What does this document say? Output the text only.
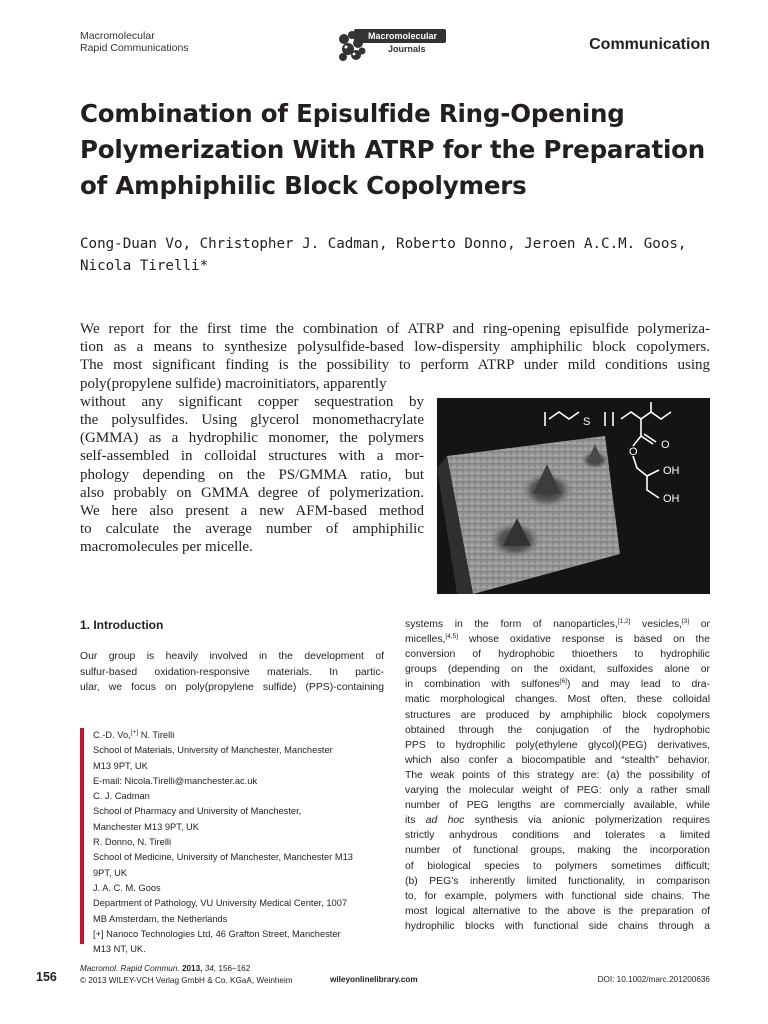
Macromolecular
Rapid Communications
Macromolecular
Journals	Communication
Combination of Episulfide Ring-Opening
Polymerization With ATRP for the Preparation
of Amphiphilic Block Copolymers
Cong-Duan Vo, Christopher J. Cadman, Roberto Donno, Jeroen A.C.M. Goos,
Nicola Tirelli*
We report for the first time the combination of ATRP and ring-opening episulfide polymeriza-
tion as a means to synthesize polysulfide-based low-dispersity amphiphilic block copolymers.
The most significant finding is the possibility to perform ATRP under mild conditions using
poly(propylene sulfide) macroinitiators, apparently
without any significant copper sequestration by
the polysulfides. Using glycerol monomethacrylate
(GMMA) as a hydrophilic monomer, the polymers
self-assembled in colloidal structures with a mor-
phology depending on the PS/GMMA ratio, but
also probably on GMMA degree of polymerization.
We here also present a new AFM-based method
to calculate the average number of amphiphilic
macromolecules per micelle.
S
O
O
OH
OH
1. Introduction
Our group is heavily involved in the development of
sulfur-based oxidation-responsive materials. In partic-
ular, we focus on poly(propylene sulfide) (PPS)-containing
C.-D. Vo,[+] N. Tirelli
School of Materials, University of Manchester, Manchester
M13 9PT, UK
E-mail: Nicola.Tirelli@manchester.ac.uk
C. J. Cadman
School of Pharmacy and University of Manchester,
Manchester M13 9PT, UK
R. Donno, N. Tirelli
School of Medicine, University of Manchester, Manchester M13
9PT, UK
J. A. C. M. Goos
Department of Pathology, VU University Medical Center, 1007
MB Amsterdam, the Netherlands
[+] Nanoco Technologies Ltd, 46 Grafton Street, Manchester
M13 NT, UK.
systems in the form of nanoparticles,[1,2] vesicles,[3] or
micelles,[4,5] whose oxidative response is based on the
conversion of hydrophobic thioethers to hydrophilic
groups (depending on the oxidant, sulfoxides alone or
in combination with sulfones[6]) and may lead to dra-
matic morphological changes. Most often, these colloidal
structures are produced by amphiphilic block copolymers
obtained through the conjugation of the hydrophobic
PPS to hydrophilic poly(ethylene glycol)(PEG) derivatives,
which also confer a biocompatible and “stealth” behavior.
The weak points of this strategy are: (a) the possibility of
varying the molecular weight of PEG: only a rather small
number of PEG lengths are commercially available, while
its ad hoc synthesis via anionic polymerization requires
strictly anhydrous conditions and tolerates a limited
number of functional groups, making the incorporation
of biological species to polymers sometimes difficult;
(b) PEG’s inherently limited functionality, in comparison
to, for example, polymers with functional side chains. The
most logical alternative to the above is the preparation of
hydrophilic blocks with functional side chains through a
156
Macromol. Rapid Commun. 2013, 34, 156–162
© 2013 WILEY-VCH Verlag GmbH & Co. KGaA, Weinheim	wileyonlinelibrary.com	DOI: 10.1002/marc.201200636
